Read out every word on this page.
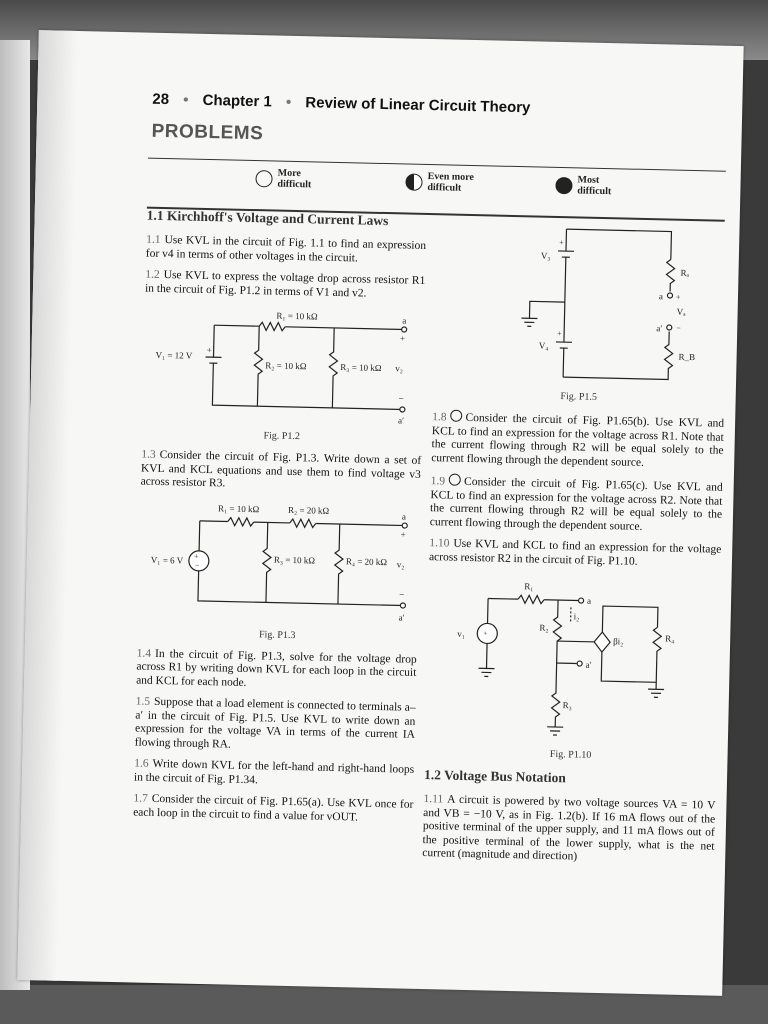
28 • Chapter 1 • Review of Linear Circuit Theory
PROBLEMS
More difficult
Even more difficult
Most difficult
1.1 Kirchhoff's Voltage and Current Laws

1.1 Use KVL in the circuit of Fig. 1.1 to find an expression for v4 in terms of other voltages in the circuit.

1.2 Use KVL to express the voltage drop across resistor R1 in the circuit of Fig. P1.2 in terms of V1 and v2.

V₁ = 12 V +
R₁ = 10 kΩ
R₂ = 10 kΩ	R₃ = 10 kΩ v₂
a
+
−
a′
Fig. P1.2

1.3 Consider the circuit of Fig. P1.3. Write down a set of KVL and KCL equations and use them to find voltage v3 across resistor R3.

+
−
V₁ = 6 V
R₁ = 10 kΩ	R₂ = 20 kΩ
R₃ = 10 kΩ	R₄ = 20 kΩ v₂
a
+
−
a′
Fig. P1.3

1.4 In the circuit of Fig. P1.3, solve for the voltage drop across R1 by writing down KVL for each loop in the circuit and KCL for each node.

1.5 Suppose that a load element is connected to terminals a–a′ in the circuit of Fig. P1.5. Use KVL to write down an expression for the voltage VA in terms of the current IA flowing through RA.

1.6 Write down KVL for the left-hand and right-hand loops in the circuit of Fig. P1.34.

1.7 Consider the circuit of Fig. P1.65(a). Use KVL once for each loop in the circuit to find a value for vOUT.

+
V₃
+
V₄
Rₐ
R_B
a +
Vₐ
a′ −
Fig. P1.5

1.8 Consider the circuit of Fig. P1.65(b). Use KVL and KCL to find an expression for the voltage across R1. Note that the current flowing through R2 will be equal solely to the current flowing through the dependent source.

1.9 Consider the circuit of Fig. P1.65(c). Use KVL and KCL to find an expression for the voltage across R2. Note that the current flowing through R2 will be equal solely to the current flowing through the dependent source.

1.10 Use KVL and KCL to find an expression for the voltage across resistor R2 in the circuit of Fig. P1.10.

+
v₁
R₁
R₂
R₃
R₄
i₂
βi₂
a
a′
Fig. P1.10
1.2 Voltage Bus Notation

1.11 A circuit is powered by two voltage sources VA = 10 V and VB = −10 V, as in Fig. 1.2(b). If 16 mA flows out of the positive terminal of the upper supply, and 11 mA flows out of the positive terminal of the lower supply, what is the net current (magnitude and direction)
